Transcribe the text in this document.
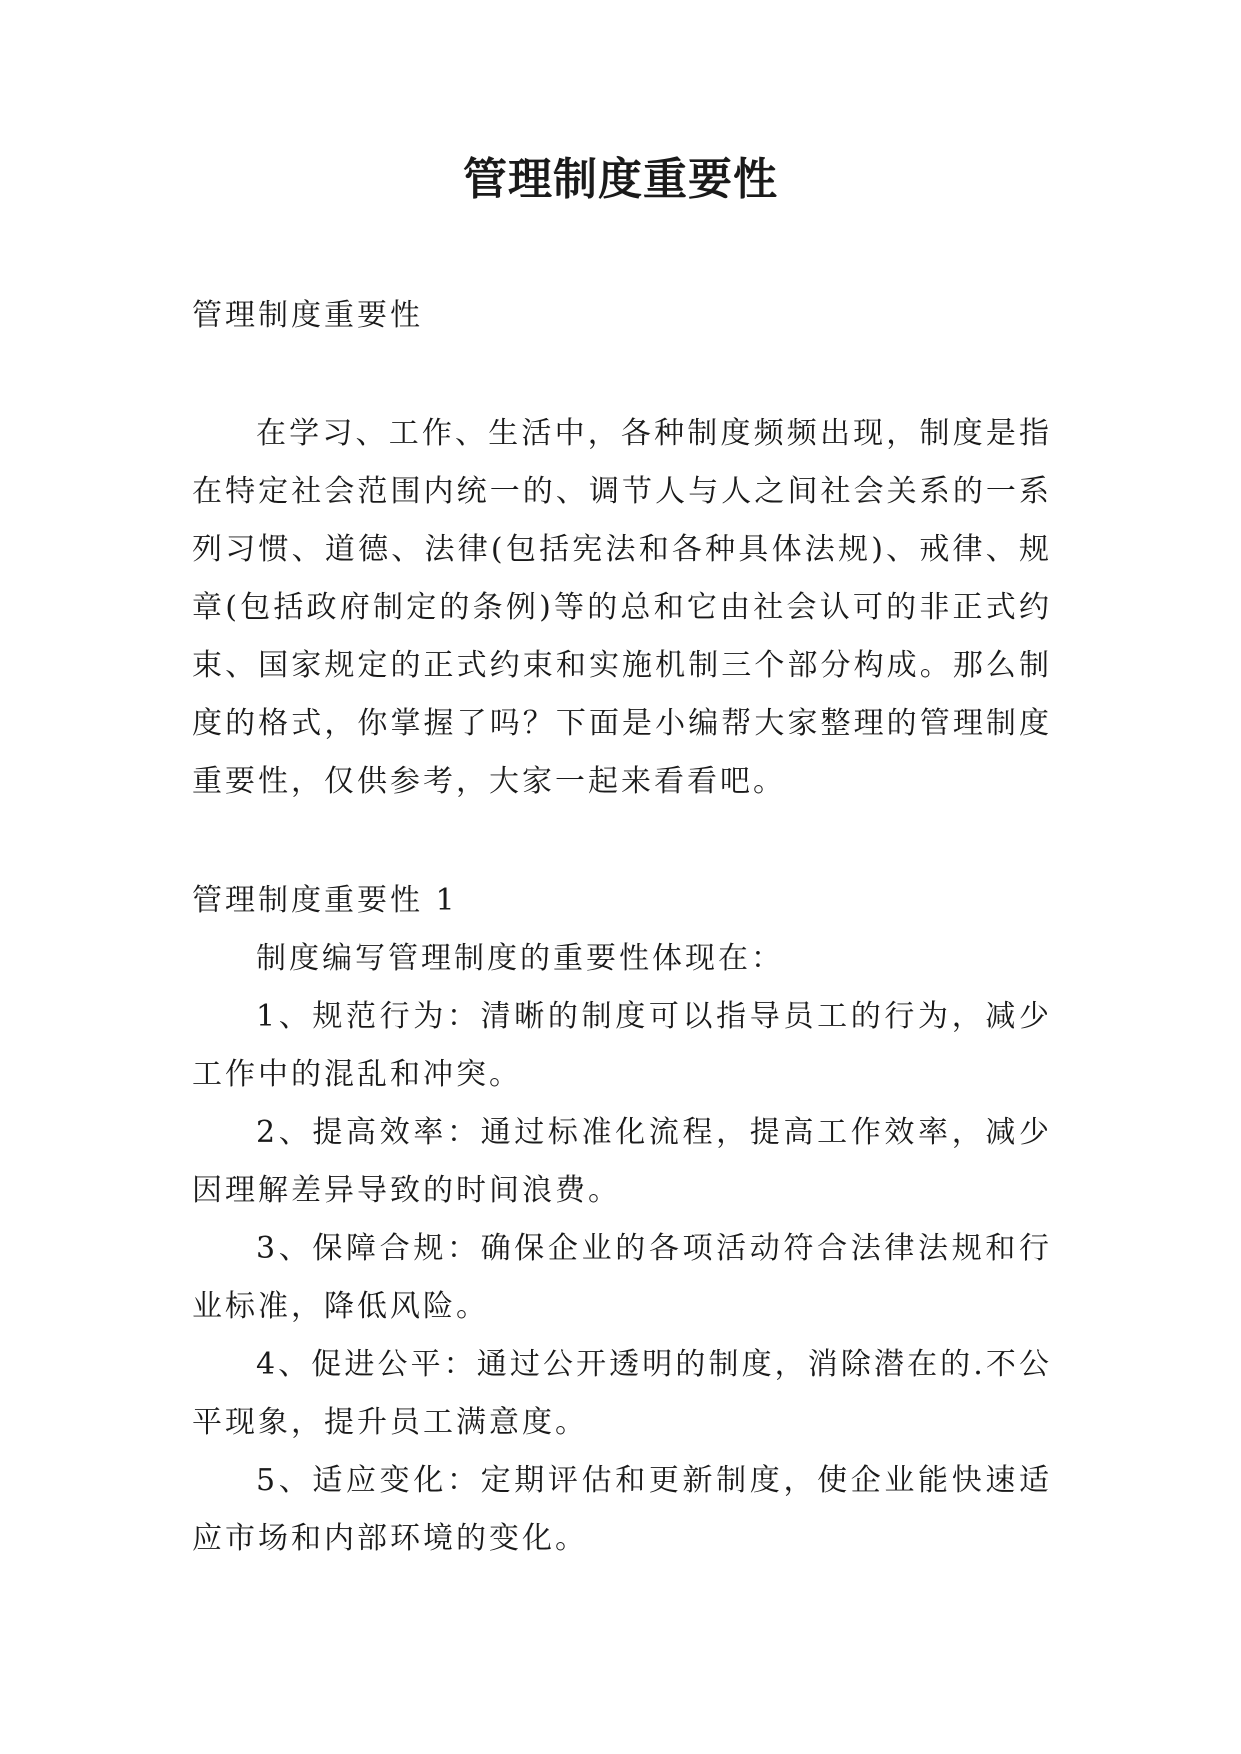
管理制度重要性

管理制度重要性

在学习、工作、生活中，各种制度频频出现，制度是指在特定社会范围内统一的、调节人与人之间社会关系的一系列习惯、道德、法律(包括宪法和各种具体法规)、戒律、规章(包括政府制定的条例)等的总和它由社会认可的非正式约束、国家规定的正式约束和实施机制三个部分构成。那么制度的格式，你掌握了吗？下面是小编帮大家整理的管理制度重要性，仅供参考，大家一起来看看吧。

管理制度重要性 1

制度编写管理制度的重要性体现在：

1、规范行为：清晰的制度可以指导员工的行为，减少工作中的混乱和冲突。

2、提高效率：通过标准化流程，提高工作效率，减少因理解差异导致的时间浪费。

3、保障合规：确保企业的各项活动符合法律法规和行业标准，降低风险。

4、促进公平：通过公开透明的制度，消除潜在的.不公平现象，提升员工满意度。

5、适应变化：定期评估和更新制度，使企业能快速适应市场和内部环境的变化。
